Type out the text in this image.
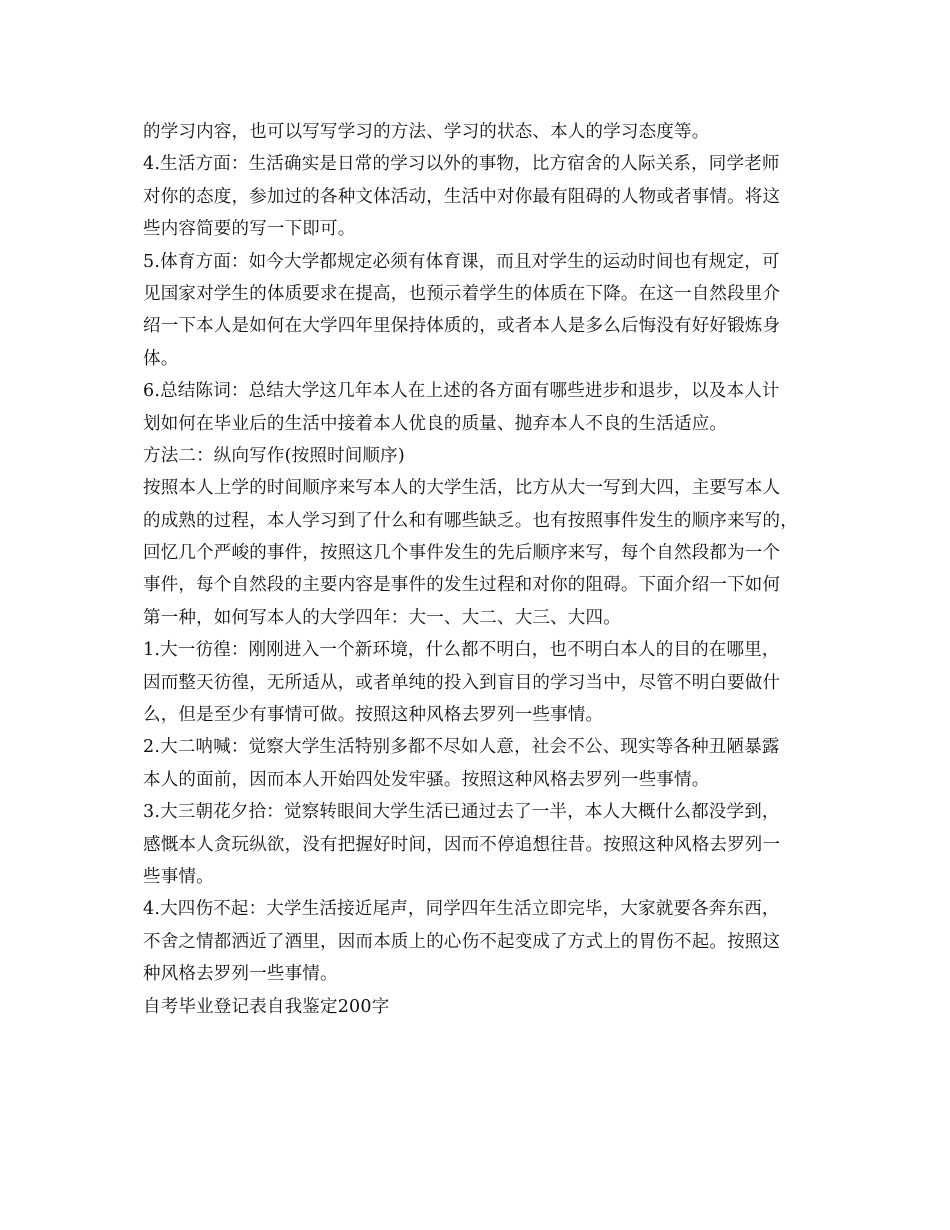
的学习内容，也可以写写学习的方法、学习的状态、本人的学习态度等。
4.生活方面：生活确实是日常的学习以外的事物，比方宿舍的人际关系，同学老师
对你的态度，参加过的各种文体活动，生活中对你最有阻碍的人物或者事情。将这
些内容简要的写一下即可。
5.体育方面：如今大学都规定必须有体育课，而且对学生的运动时间也有规定，可
见国家对学生的体质要求在提高，也预示着学生的体质在下降。在这一自然段里介
绍一下本人是如何在大学四年里保持体质的，或者本人是多么后悔没有好好锻炼身
体。
6.总结陈词：总结大学这几年本人在上述的各方面有哪些进步和退步，以及本人计
划如何在毕业后的生活中接着本人优良的质量、抛弃本人不良的生活适应。
方法二：纵向写作(按照时间顺序)
按照本人上学的时间顺序来写本人的大学生活，比方从大一写到大四，主要写本人
的成熟的过程，本人学习到了什么和有哪些缺乏。也有按照事件发生的顺序来写的，
回忆几个严峻的事件，按照这几个事件发生的先后顺序来写，每个自然段都为一个
事件，每个自然段的主要内容是事件的发生过程和对你的阻碍。下面介绍一下如何
第一种，如何写本人的大学四年：大一、大二、大三、大四。
1.大一彷徨：刚刚进入一个新环境，什么都不明白，也不明白本人的目的在哪里，
因而整天彷徨，无所适从，或者单纯的投入到盲目的学习当中，尽管不明白要做什
么，但是至少有事情可做。按照这种风格去罗列一些事情。
2.大二呐喊：觉察大学生活特别多都不尽如人意，社会不公、现实等各种丑陋暴露
本人的面前，因而本人开始四处发牢骚。按照这种风格去罗列一些事情。
3.大三朝花夕拾：觉察转眼间大学生活已通过去了一半，本人大概什么都没学到，
感慨本人贪玩纵欲，没有把握好时间，因而不停追想往昔。按照这种风格去罗列一
些事情。
4.大四伤不起：大学生活接近尾声，同学四年生活立即完毕，大家就要各奔东西，
不舍之情都洒近了酒里，因而本质上的心伤不起变成了方式上的胃伤不起。按照这
种风格去罗列一些事情。
自考毕业登记表自我鉴定200字
